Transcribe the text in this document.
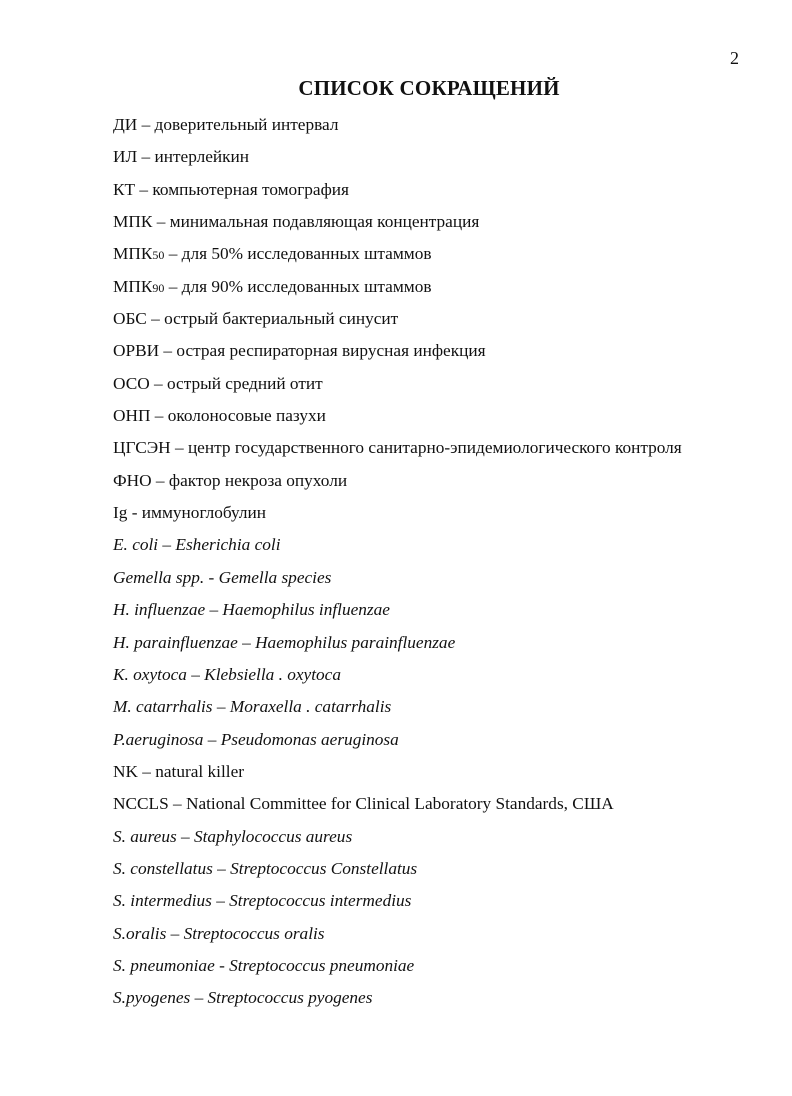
2
СПИСОК СОКРАЩЕНИЙ
ДИ – доверительный интервал
ИЛ – интерлейкин
КТ – компьютерная томография
МПК – минимальная подавляющая концентрация
МПК50 – для 50% исследованных штаммов
МПК90 – для 90% исследованных штаммов
ОБС – острый бактериальный синусит
ОРВИ – острая респираторная вирусная инфекция
ОСО – острый средний отит
ОНП – околоносовые пазухи
ЦГСЭН – центр государственного санитарно-эпидемиологического контроля
ФНО – фактор некроза опухоли
Ig - иммуноглобулин
E. coli – Esherichia coli
Gemella spp. - Gemella species
H. influenzae – Haemophilus influenzae
H. parainfluenzae – Haemophilus parainfluenzae
K. oxytoca – Klebsiella . oxytoca
M. catarrhalis – Moraxella . catarrhalis
P.aeruginosa – Pseudomonas aeruginosa
NK – natural killer
NCCLS – National Committee for Clinical Laboratory Standards, США
S. aureus – Staphylococcus aureus
S. constellatus – Streptococcus Constellatus
S. intermedius – Streptococcus intermedius
S.oralis – Streptococcus oralis
S. pneumoniae - Streptococcus pneumoniae
S.pyogenes – Streptococcus pyogenes
